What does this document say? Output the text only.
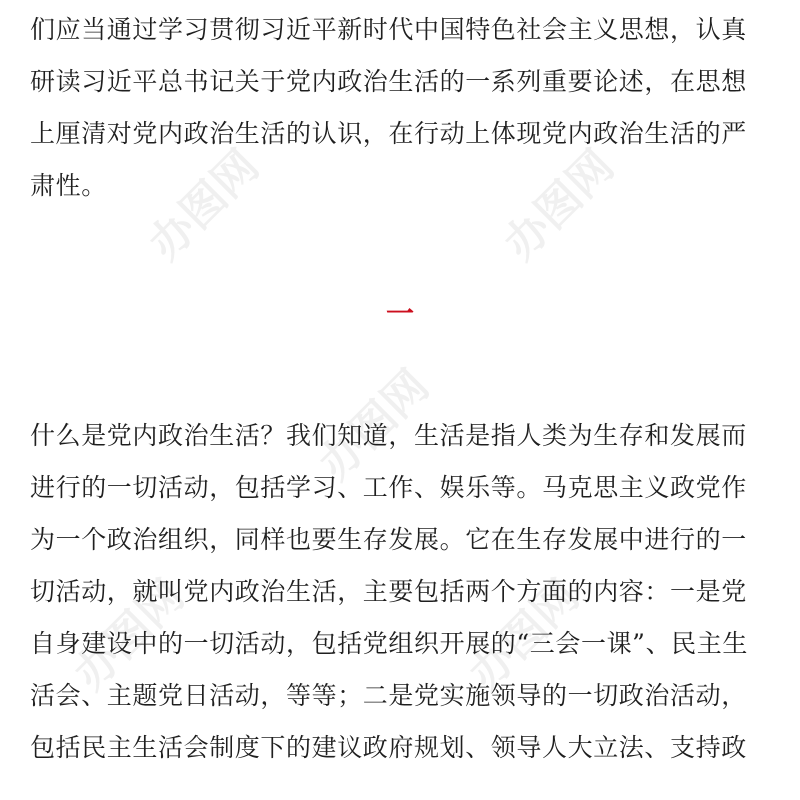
办图网	办图网
办图网
办图网	办图网
们应当通过学习贯彻习近平新时代中国特色社会主义思想，认真
研读习近平总书记关于党内政治生活的一系列重要论述，在思想
上厘清对党内政治生活的认识，在行动上体现党内政治生活的严
肃性。
一
什么是党内政治生活？我们知道，生活是指人类为生存和发展而
进行的一切活动，包括学习、工作、娱乐等。马克思主义政党作
为一个政治组织，同样也要生存发展。它在生存发展中进行的一
切活动，就叫党内政治生活，主要包括两个方面的内容：一是党
自身建设中的一切活动，包括党组织开展的“三会一课”、民主生
活会、主题党日活动，等等；二是党实施领导的一切政治活动，
包括民主生活会制度下的建议政府规划、领导人大立法、支持政
